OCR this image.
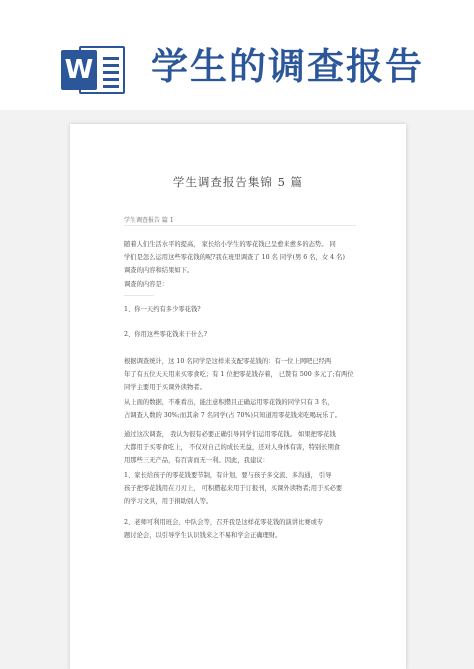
W 学生的调查报告
学生调查报告集锦 5 篇
学生调查报告 篇 1
随着人们生活水平的提高， 家长给小学生的零花钱已呈愈来愈多的态势。 同
学们是怎么运用这些零花钱的呢?我在班里调查了 10 名 同学(男 6 名，女 4 名)
调查的内容和结果如下。
调查的内容是：
1、你一天约有多少零花钱?
2、你用这些零花钱来干什么?
根据调查统计，这 10 名同学是这样来支配零花钱的：有一位上网吧已经两
年了有五位天天用来买零食吃；有 1 位把零花钱存着， 已赞有 500 多元了;有两位
同学主要用于买课外读物者。
从上面的数据，不难看出，能注意积攒且正确运用零花钱的同学只有 3 名，
占调查人数的 30%;而其余 7 名同学(占 70%)只知道用零花钱来吃喝玩乐了。
通过这次调查， 我认为很有必要正确引导同学们运用零花钱。 如果把零花钱
大都用于买零食吃上， 不仅对自己的成长无益，还对人身体有害，特别长期食
用那些三无产品，有百害而无一利。因此，我建议：
1、家长给孩子的零花钱要节制，有计划，要与孩子多交流、多沟通， 引导
孩子把零花钱用在刀刃上， 可积攒起来用于订报刊，买课外读物者;用于买必要
的学习文具，用于捐助别人等。
2、老师可利用班会、中队会等，召开我是这样花零花钱的演讲比赛或专
题讨论会，以引导学生认识钱来之不易和学会正确理财。
